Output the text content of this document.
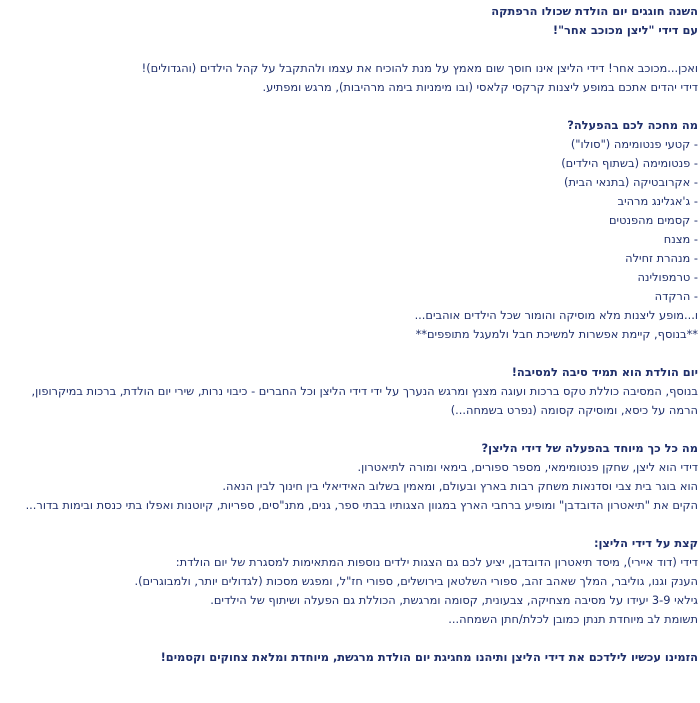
השנה חוגגים יום הולדת שכולו הרפתקה
עם דידי "ליצן מכוכב אחר"!
ואכן...מכוכב אחר! דידי הליצן אינו חוסך שום מאמץ על מנת להוכיח את עצמו ולהתקבל על קהל הילדים (והגדולים)!
דידי יהדים אתכם במופע ליצנות קרקסי קלאסי (ובו מימניות בימה מרהיבות), מרגש ומפתיע.
מה מחכה לכם בהפעלה?
- קטעי פנטומימה ("סולו")
- פנטומימה (בשתוף הילדים)
- אקרובטיקה (בתנאי הבית)
- ג'אגלינג מרהיב
- קסמים מהפנטים
- מצנח
- מנהרת זחילה
- טרמפולינה
- הרקדה
ו...מופע ליצנות מלא מוסיקה והומור שכל הילדים אוהבים...
**בנוסף, קיימת אפשרות למשיכת חבל ולמעגל מתופפים**
יום הולדת הוא תמיד סיבה למסיבה!
בנוסף, המסיבה כוללת טקס ברכות ועוגה מצנץ ומרגש הנערך על ידי דידי הליצן וכל החברים - כיבוי נרות, שירי יום הולדת, ברכות במיקרופון, הרמה על כיסא, ומוסיקה קסומה (נפרט בשמחה...)
מה כל כך מיוחד בהפעלה של דידי הליצן?
דידי הוא ליצן, שחקן פנטומימאי, מספר ספורים, בימאי ומורה לתיאטרון.
הוא בוגר בית צבי וסדנאות משחק רבות בארץ ובעולם, ומאמין בשלוב האידיאלי בין חינוך לבין הנאה.
הקים את "תיאטרון הדובדבן" ומופיע ברחבי הארץ במגוון הצגותיו בבתי ספר, גנים, מתנ"סים, ספריות, קיוטנות ואפלו בתי כנסת ובימות בדור...
קצת על דידי הליצן:
דידי (דוד איירי), מיסד תיאטרון הדובדבן, יציע לכם גם הצגות ילדים נוספות המתאימות למסגרת של יום הולדת:
הענק וגנו, גוליבר, המלך שאהב זהב, ספורי השלטאן בירושלים, ספורי חז"ל, ומפגש מסכות (לגדולים יותר, ולמבוגרים).
גילאי 3-9 יעידו על מסיבה מצחיקה, צבעונית, קסומה ומרגשת, הכוללת גם הפעלה ושיתוף של הילדים.
תשומת לב מיוחדת תנתן כמובן לכלת/חתן השמחה...
הזמינו עכשיו לילדכם את דידי הליצן ותיהנו מחגיגת יום הולדת מרגשת, מיוחדת ומלאת צחוקים וקסמים!
